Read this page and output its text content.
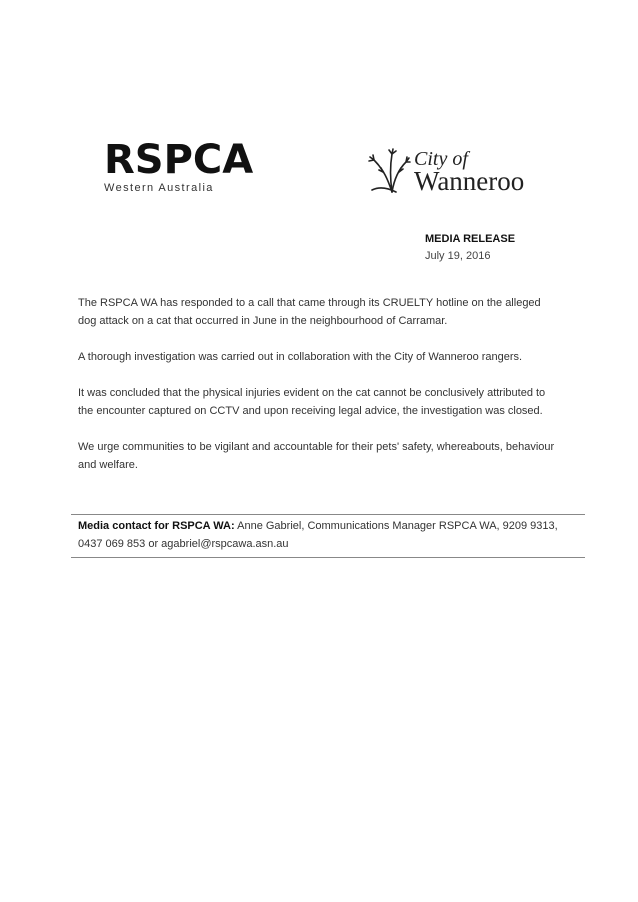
RSPCA
Western Australia
City of
Wanneroo
MEDIA RELEASE
July 19, 2016

The RSPCA WA has responded to a call that came through its CRUELTY hotline on the alleged dog attack on a cat that occurred in June in the neighbourhood of Carramar.

A thorough investigation was carried out in collaboration with the City of Wanneroo rangers.

It was concluded that the physical injuries evident on the cat cannot be conclusively attributed to the encounter captured on CCTV and upon receiving legal advice, the investigation was closed.

We urge communities to be vigilant and accountable for their pets' safety, whereabouts, behaviour and welfare.

Media contact for RSPCA WA: Anne Gabriel, Communications Manager RSPCA WA, 9209 9313, 0437 069 853 or agabriel@rspcawa.asn.au
